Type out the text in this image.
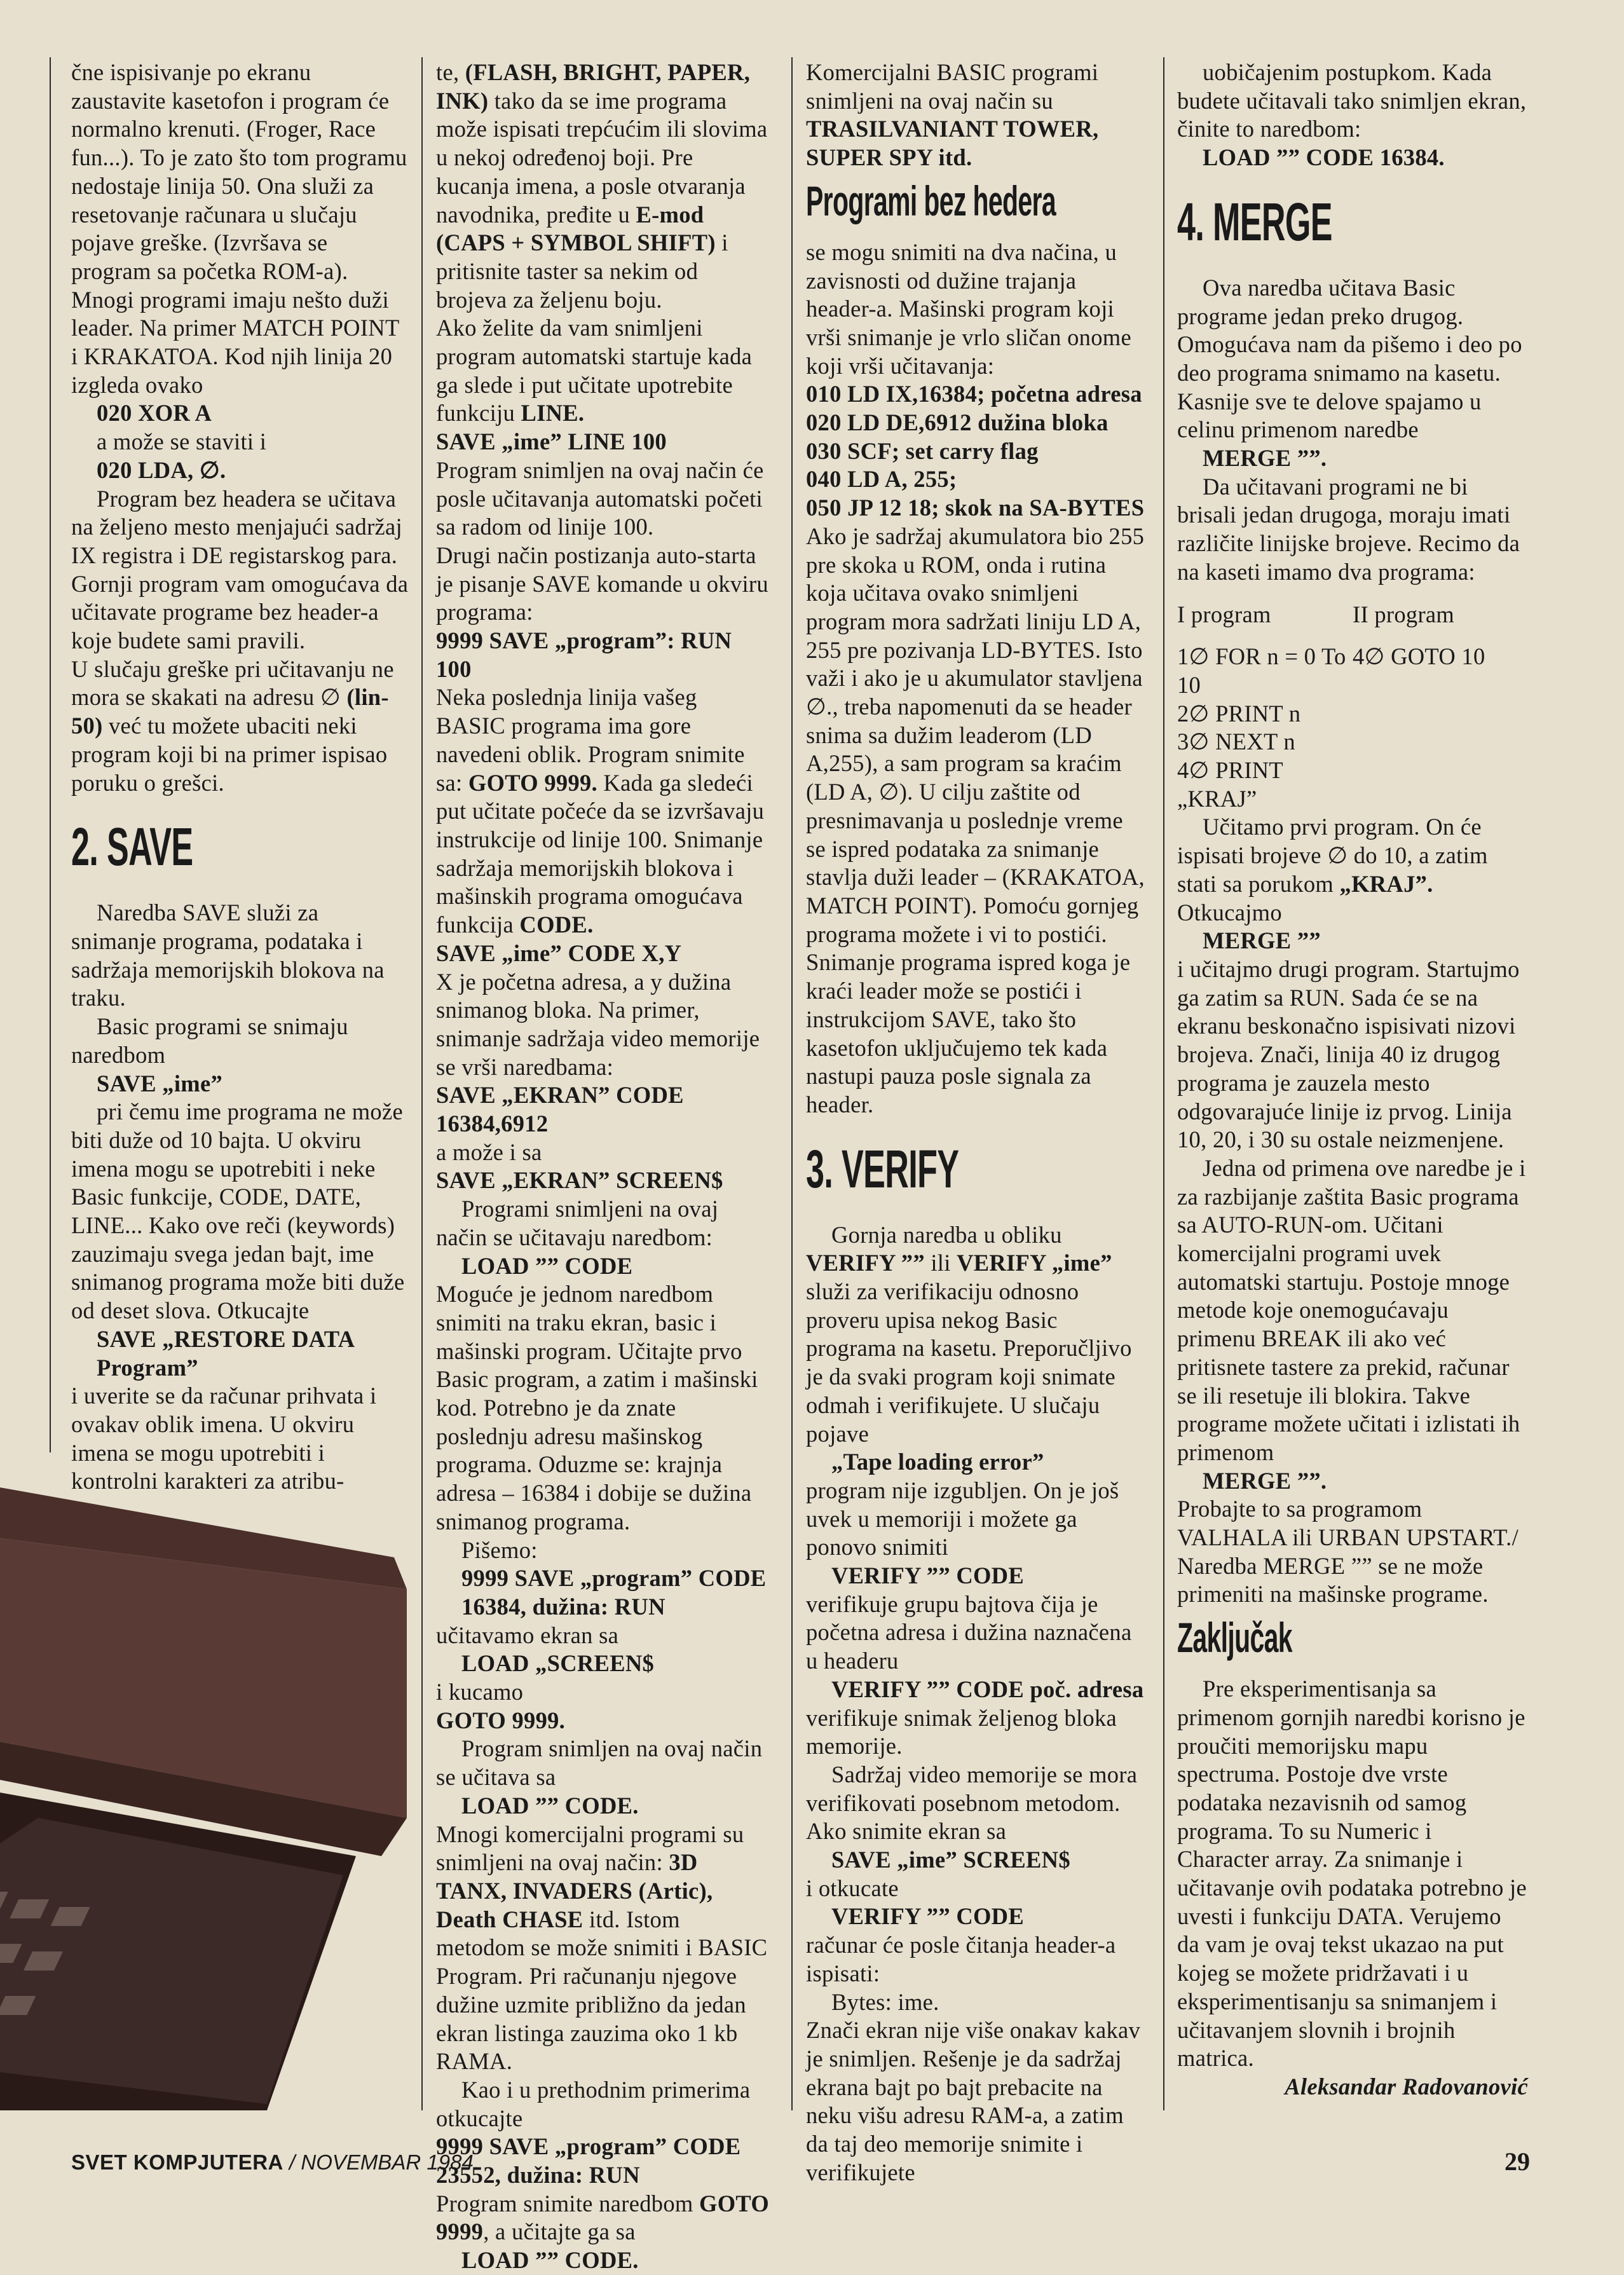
čne ispisivanje po ekranu zaustavite kasetofon i program će normalno krenuti. (Froger, Race fun...). To je zato što tom programu nedostaje linija 50. Ona služi za resetovanje računara u slučaju pojave greške. (Izvršava se program sa početka ROM-a).

Mnogi programi imaju nešto duži leader. Na primer MATCH POINT i KRAKATOA. Kod njih linija 20 izgleda ovako

020 XOR A

a može se staviti i

020 LDA, ∅.

Program bez headera se učitava na željeno mesto menjajući sadržaj IX registra i DE registarskog para. Gornji program vam omogućava da učitavate programe bez header-a koje budete sami pravili.

U slučaju greške pri učitavanju ne mora se skakati na adresu ∅ (lin-50) već tu možete ubaciti neki program koji bi na primer ispisao poruku o grešci.

2. SAVE

Naredba SAVE služi za snimanje programa, podataka i sadržaja memorijskih blokova na traku.

Basic programi se snimaju naredbom

SAVE „ime”

pri čemu ime programa ne može biti duže od 10 bajta. U okviru imena mogu se upotrebiti i neke Basic funkcije, CODE, DATE, LINE... Kako ove reči (keywords) zauzimaju svega jedan bajt, ime snimanog programa može biti duže od deset slova. Otkucajte

SAVE „RESTORE DATA Program”

i uverite se da računar prihvata i ovakav oblik imena. U okviru imena se mogu upotrebiti i kontrolni karakteri za atribu-

te, (FLASH, BRIGHT, PAPER, INK) tako da se ime programa može ispisati trepćućim ili slovima u nekoj određenoj boji. Pre kucanja imena, a posle otvaranja navodnika, pređite u E-mod (CAPS + SYMBOL SHIFT) i pritisnite taster sa nekim od brojeva za željenu boju.

Ako želite da vam snimljeni program automatski startuje kada ga slede i put učitate upotrebite funkciju LINE.

SAVE „ime” LINE 100

Program snimljen na ovaj način će posle učitavanja automatski početi sa radom od linije 100.

Drugi način postizanja auto-starta je pisanje SAVE komande u okviru programa:

9999 SAVE „program”: RUN 100

Neka poslednja linija vašeg BASIC programa ima gore navedeni oblik. Program snimite sa: GOTO 9999. Kada ga sledeći put učitate počeće da se izvršavaju instrukcije od linije 100. Snimanje sadržaja memorijskih blokova i mašinskih programa omogućava funkcija CODE.

SAVE „ime” CODE X,Y

X je početna adresa, a y dužina snimanog bloka. Na primer, snimanje sadržaja video memorije se vrši naredbama:

SAVE „EKRAN” CODE 16384,6912

a može i sa

SAVE „EKRAN” SCREEN$

Programi snimljeni na ovaj način se učitavaju naredbom:

LOAD ”” CODE

Moguće je jednom naredbom snimiti na traku ekran, basic i mašinski program. Učitajte prvo Basic program, a zatim i mašinski kod. Potrebno je da znate poslednju adresu mašinskog programa. Oduzme se: krajnja adresa – 16384 i dobije se dužina snimanog programa.

Pišemo:

9999 SAVE „program” CODE 16384, dužina: RUN

učitavamo ekran sa

LOAD „SCREEN$

i kucamo

GOTO 9999.

Program snimljen na ovaj način se učitava sa

LOAD ”” CODE.

Mnogi komercijalni programi su snimljeni na ovaj način: 3D TANX, INVADERS (Artic), Death CHASE itd. Istom metodom se može snimiti i BASIC Program. Pri računanju njegove dužine uzmite približno da jedan ekran listinga zauzima oko 1 kb RAMA.

Kao i u prethodnim primerima otkucajte

9999 SAVE „program” CODE 23552, dužina: RUN

Program snimite naredbom GOTO 9999, a učitajte ga sa

LOAD ”” CODE.

Komercijalni BASIC programi snimljeni na ovaj način su TRASILVANIANT TOWER, SUPER SPY itd.

Programi bez hedera

se mogu snimiti na dva načina, u zavisnosti od dužine trajanja header-a. Mašinski program koji vrši snimanje je vrlo sličan onome koji vrši učitavanja:

010 LD IX,16384; početna adresa

020 LD DE,6912 dužina bloka

030 SCF; set carry flag

040 LD A, 255;

050 JP 12 18; skok na SA-BYTES

Ako je sadržaj akumulatora bio 255 pre skoka u ROM, onda i rutina koja učitava ovako snimljeni program mora sadržati liniju LD A, 255 pre pozivanja LD-BYTES. Isto važi i ako je u akumulator stavljena ∅., treba napomenuti da se header snima sa dužim leaderom (LD A,255), a sam program sa kraćim (LD A, ∅). U cilju zaštite od presnimavanja u poslednje vreme se ispred podataka za snimanje stavlja duži leader – (KRAKATOA, MATCH POINT). Pomoću gornjeg programa možete i vi to postići. Snimanje programa ispred koga je kraći leader može se postići i instrukcijom SAVE, tako što kasetofon uključujemo tek kada nastupi pauza posle signala za header.

3. VERIFY

Gornja naredba u obliku VERIFY ”” ili VERIFY „ime” služi za verifikaciju odnosno proveru upisa nekog Basic programa na kasetu. Preporučljivo je da svaki program koji snimate odmah i verifikujete. U slučaju pojave

„Tape loading error”

program nije izgubljen. On je još uvek u memoriji i možete ga ponovo snimiti

VERIFY ”” CODE

verifikuje grupu bajtova čija je početna adresa i dužina naznačena u headeru

VERIFY ”” CODE poč. adresa

verifikuje snimak željenog bloka memorije.

Sadržaj video memorije se mora verifikovati posebnom metodom. Ako snimite ekran sa

SAVE „ime” SCREEN$

i otkucate

VERIFY ”” CODE

računar će posle čitanja header-a ispisati:

Bytes: ime.

Znači ekran nije više onakav kakav je snimljen. Rešenje je da sadržaj ekrana bajt po bajt prebacite na neku višu adresu RAM-a, a zatim da taj deo memorije snimite i verifikujete

uobičajenim postupkom. Kada budete učitavali tako snimljen ekran, činite to naredbom:

LOAD ”” CODE 16384.

4. MERGE

Ova naredba učitava Basic programe jedan preko drugog. Omogućava nam da pišemo i deo po deo programa snimamo na kasetu. Kasnije sve te delove spajamo u celinu primenom naredbe

MERGE ””.

Da učitavani programi ne bi brisali jedan drugoga, moraju imati različite linijske brojeve. Recimo da na kaseti imamo dva programa:

I program

1∅ FOR n = 0 To 10

2∅ PRINT n

3∅ NEXT n

4∅ PRINT „KRAJ”

II program

4∅ GOTO 10

Učitamo prvi program. On će ispisati brojeve ∅ do 10, a zatim stati sa porukom „KRAJ”. Otkucajmo

MERGE ””

i učitajmo drugi program. Startujmo ga zatim sa RUN. Sada će se na ekranu beskonačno ispisivati nizovi brojeva. Znači, linija 40 iz drugog programa je zauzela mesto odgovarajuće linije iz prvog. Linija 10, 20, i 30 su ostale neizmenjene.

Jedna od primena ove naredbe je i za razbijanje zaštita Basic programa sa AUTO-RUN-om. Učitani komercijalni programi uvek automatski startuju. Postoje mnoge metode koje onemogućavaju primenu BREAK ili ako već pritisnete tastere za prekid, računar se ili resetuje ili blokira. Takve programe možete učitati i izlistati ih primenom

MERGE ””.

Probajte to sa programom VALHALA ili URBAN UPSTART./

Naredba MERGE ”” se ne može primeniti na mašinske programe.

Zaključak

Pre eksperimentisanja sa primenom gornjih naredbi korisno je proučiti memorijsku mapu spectruma. Postoje dve vrste podataka nezavisnih od samog programa. To su Numeric i Character array. Za snimanje i učitavanje ovih podataka potrebno je uvesti i funkciju DATA. Verujemo da vam je ovaj tekst ukazao na put kojeg se možete pridržavati i u eksperimentisanju sa snimanjem i učitavanjem slovnih i brojnih matrica.

Aleksandar Radovanović

SVET KOMPJUTERA / NOVEMBAR 1984.	29
